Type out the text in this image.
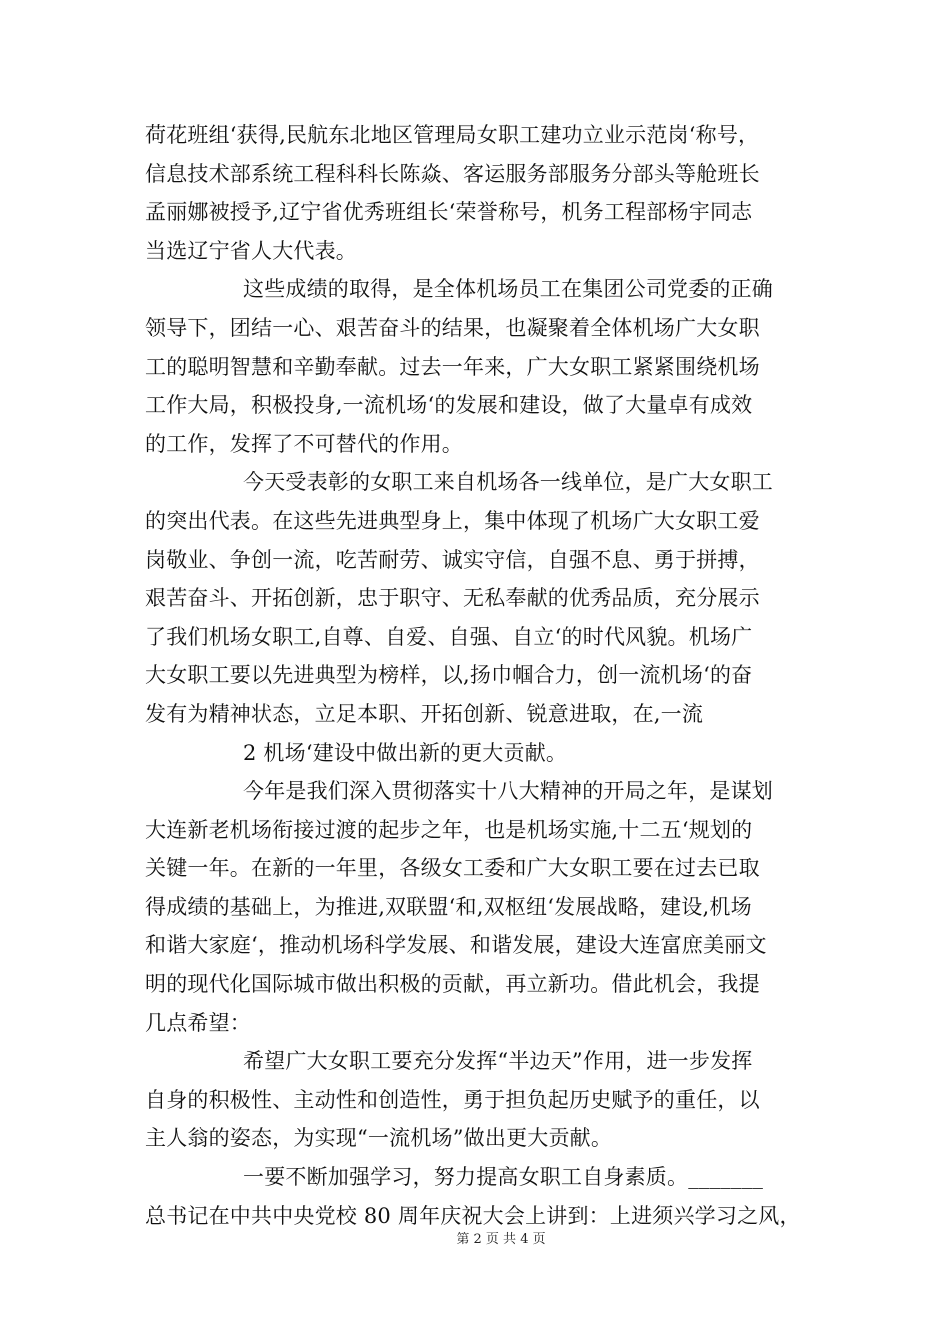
荷花班组‘获得,民航东北地区管理局女职工建功立业示范岗‘称号，
信息技术部系统工程科科长陈焱、客运服务部服务分部头等舱班长
孟丽娜被授予,辽宁省优秀班组长‘荣誉称号，机务工程部杨宇同志
当选辽宁省人大代表。
这些成绩的取得，是全体机场员工在集团公司党委的正确
领导下，团结一心、艰苦奋斗的结果，也凝聚着全体机场广大女职
工的聪明智慧和辛勤奉献。过去一年来，广大女职工紧紧围绕机场
工作大局，积极投身,一流机场‘的发展和建设，做了大量卓有成效
的工作，发挥了不可替代的作用。
今天受表彰的女职工来自机场各一线单位，是广大女职工
的突出代表。在这些先进典型身上，集中体现了机场广大女职工爱
岗敬业、争创一流，吃苦耐劳、诚实守信，自强不息、勇于拼搏，
艰苦奋斗、开拓创新，忠于职守、无私奉献的优秀品质，充分展示
了我们机场女职工,自尊、自爱、自强、自立‘的时代风貌。机场广
大女职工要以先进典型为榜样，以,扬巾帼合力，创一流机场‘的奋
发有为精神状态，立足本职、开拓创新、锐意进取，在,一流
2 机场‘建设中做出新的更大贡献。
今年是我们深入贯彻落实十八大精神的开局之年，是谋划
大连新老机场衔接过渡的起步之年，也是机场实施,十二五‘规划的
关键一年。在新的一年里，各级女工委和广大女职工要在过去已取
得成绩的基础上，为推进,双联盟‘和,双枢纽‘发展战略，建设,机场
和谐大家庭‘，推动机场科学发展、和谐发展，建设大连富庶美丽文
明的现代化国际城市做出积极的贡献，再立新功。借此机会，我提
几点希望：
希望广大女职工要充分发挥“半边天”作用，进一步发挥
自身的积极性、主动性和创造性，勇于担负起历史赋予的重任，以
主人翁的姿态，为实现“一流机场”做出更大贡献。
一要不断加强学习，努力提高女职工自身素质。_______
总书记在中共中央党校 80 周年庆祝大会上讲到：上进须兴学习之风，
第 2 页 共 4 页
